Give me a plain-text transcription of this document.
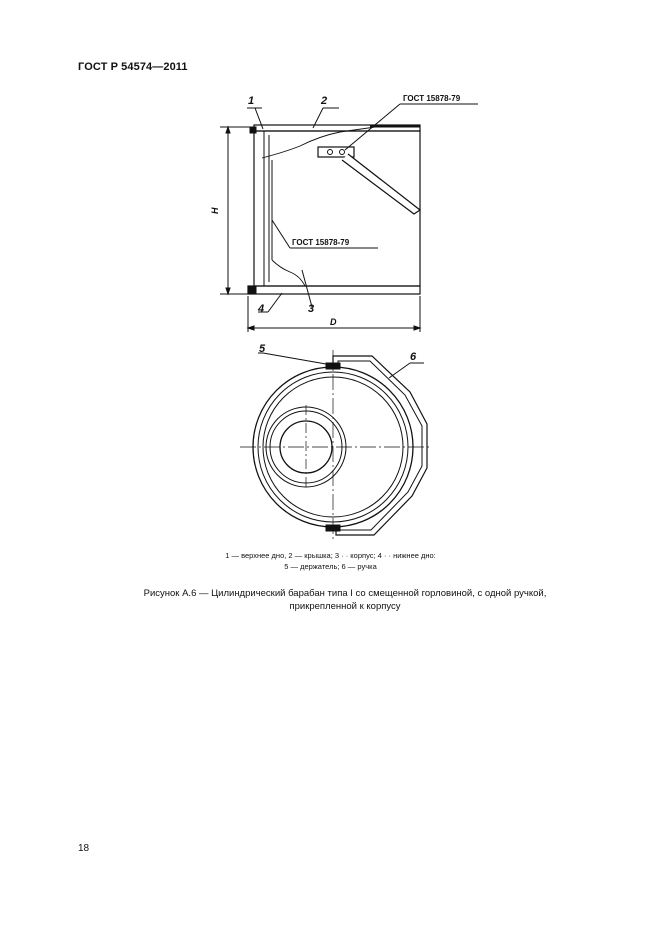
ГОСТ Р 54574—2011
1	2
3
4
5
6
ГОСТ 15878-79
ГОСТ 15878-79
H
D
1 — верхнее дно, 2 — крышка; 3 · · корпус; 4 · · нижнее дно:
5 — держатель; 6 — ручка
Рисунок А.6 — Цилиндрический барабан типа I со смещенной горловиной, с одной ручкой,
прикрепленной к корпусу
18
